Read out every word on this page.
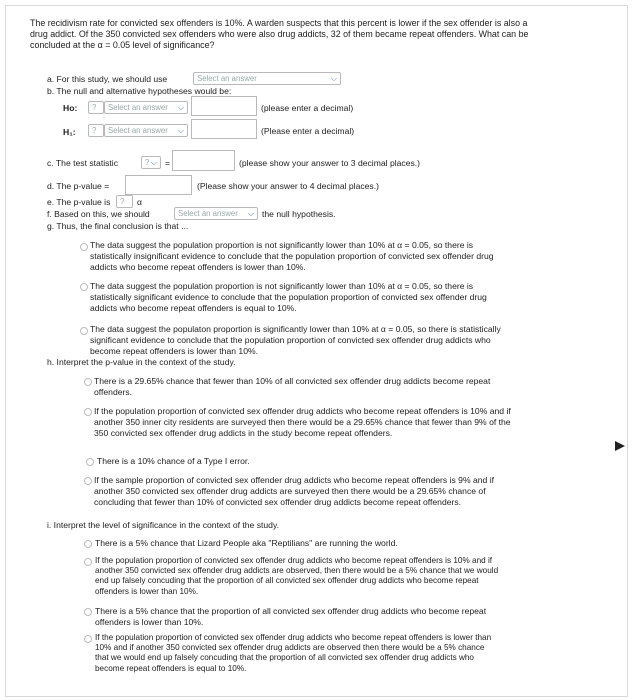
The recidivism rate for convicted sex offenders is 10%. A warden suspects that this percent is lower if the sex offender is also a drug addict. Of the 350 convicted sex offenders who were also drug addicts, 32 of them became repeat offenders. What can be concluded at the α = 0.05 level of significance?
a. For this study, we should use	Select an answer	⌵
b. The null and alternative hypotheses would be:
Ho:	?	Select an answer ⌵	(please enter a decimal)
H₁:	?	Select an answer ⌵	(Please enter a decimal)
c. The test statistic	? ⌵ =	(please show your answer to 3 decimal places.)
d. The p-value =	(Please show your answer to 4 decimal places.)
e. The p-value is	?	α
f. Based on this, we should	Select an answer ⌵ the null hypothesis.
g. Thus, the final conclusion is that ...
The data suggest the population proportion is not significantly lower than 10% at α = 0.05, so there is statistically insignificant evidence to conclude that the population proportion of convicted sex offender drug addicts who become repeat offenders is lower than 10%.
The data suggest the population proportion is not significantly lower than 10% at α = 0.05, so there is statistically significant evidence to conclude that the population proportion of convicted sex offender drug addicts who become repeat offenders is equal to 10%.
The data suggest the populaton proportion is significantly lower than 10% at α = 0.05, so there is statistically significant evidence to conclude that the population proportion of convicted sex offender drug addicts who become repeat offenders is lower than 10%.
h. Interpret the p-value in the context of the study.
There is a 29.65% chance that fewer than 10% of all convicted sex offender drug addicts become repeat offenders.
If the population proportion of convicted sex offender drug addicts who become repeat offenders is 10% and if another 350 inner city residents are surveyed then there would be a 29.65% chance that fewer than 9% of the 350 convicted sex offender drug addicts in the study become repeat offenders.
There is a 10% chance of a Type I error.
If the sample proportion of convicted sex offender drug addicts who become repeat offenders is 9% and if another 350 convicted sex offender drug addicts are surveyed then there would be a 29.65% chance of concluding that fewer than 10% of convicted sex offender drug addicts become repeat offenders.
i. Interpret the level of significance in the context of the study.
There is a 5% chance that Lizard People aka "Reptilians" are running the world.
If the population proportion of convicted sex offender drug addicts who become repeat offenders is 10% and if another 350 convicted sex offender drug addicts are observed, then there would be a 5% chance that we would end up falsely concuding that the proportion of all convicted sex offender drug addicts who become repeat offenders is lower than 10%.
There is a 5% chance that the proportion of all convicted sex offender drug addicts who become repeat offenders is lower than 10%.
If the population proportion of convicted sex offender drug addicts who become repeat offenders is lower than 10% and if another 350 convicted sex offender drug addicts are observed then there would be a 5% chance that we would end up falsely concuding that the proportion of all convicted sex offender drug addicts who become repeat offenders is equal to 10%.
